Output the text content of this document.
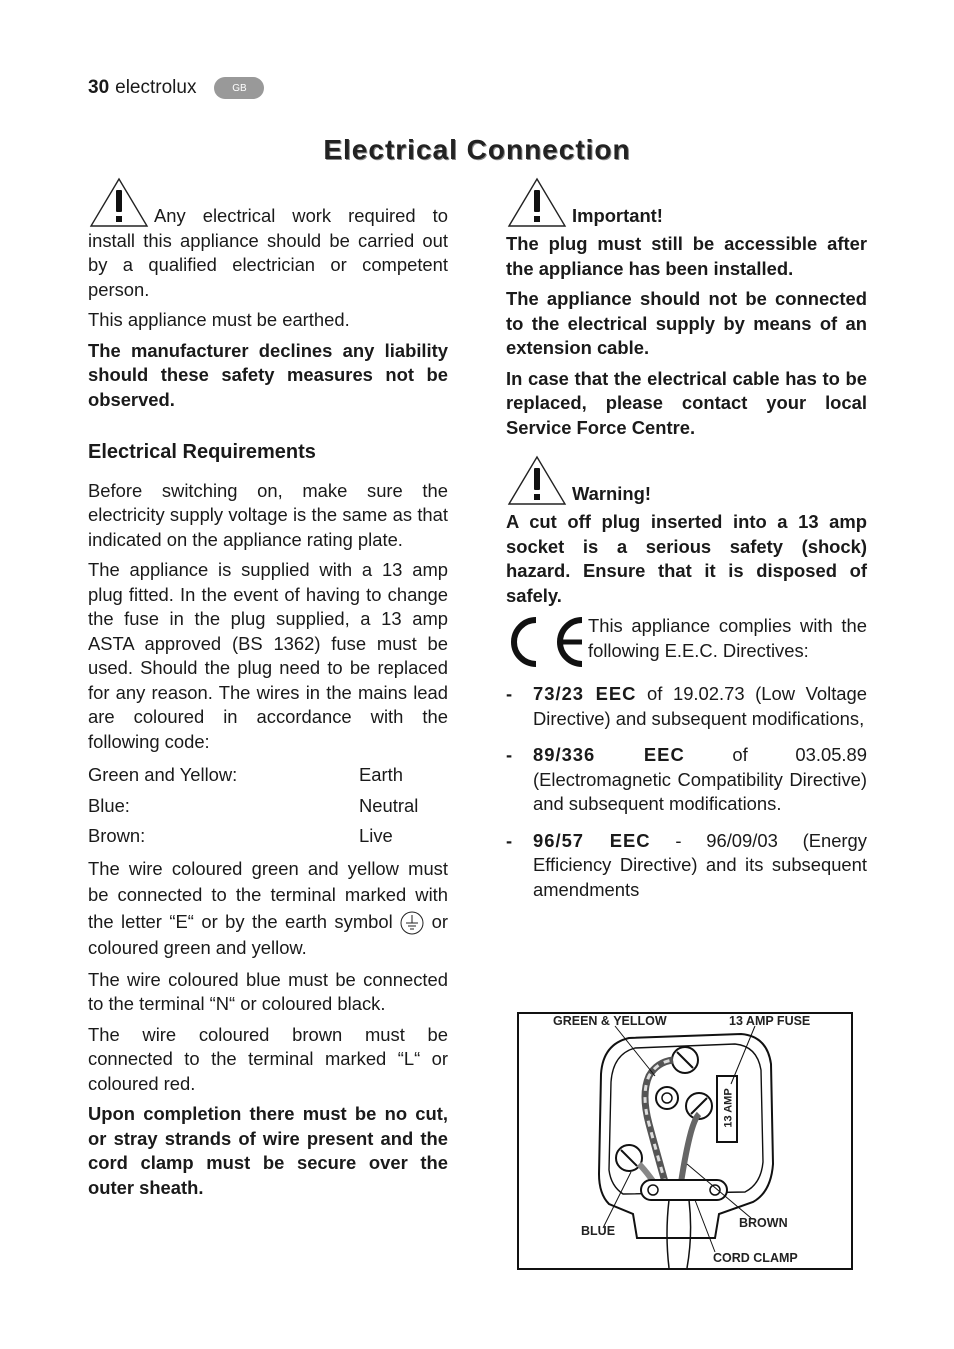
30 electrolux	GB
Electrical Connection

Any electrical work required to install this appliance should be carried out by a qualified electrician or competent person.

This appliance must be earthed.

The manufacturer declines any liability should these safety measures not be observed.

Electrical Requirements

Before switching on, make sure the electricity supply voltage is the same as that indicated on the appliance rating plate.

The appliance is supplied with a 13 amp plug fitted. In the event of having to change the fuse in the plug supplied, a 13 amp ASTA approved (BS 1362) fuse must be used. Should the plug need to be replaced for any reason. The wires in the mains lead are coloured in accordance with the following code:

Green and Yellow:	Earth
Blue:	Neutral
Brown:	Live

The wire coloured green and yellow must be connected to the terminal marked with the letter “E“ or by the earth symbol or coloured green and yellow.

The wire coloured blue must be connected to the terminal “N“ or coloured black.

The wire coloured brown must be connected to the terminal marked “L“ or coloured red.

Upon completion there must be no cut, or stray strands of wire present and the cord clamp must be secure over the outer sheath.

Important!

The plug must still be accessible after the appliance has been installed.

The appliance should not be connected to the electrical supply by means of an extension cable.

In case that the electrical cable has to be replaced, please contact your local Service Force Centre.

Warning!

A cut off plug inserted into a 13 amp socket is a serious safety (shock) hazard. Ensure that it is disposed of safely.

This appliance complies with the following E.E.C. Directives:

- 73/23 EEC of 19.02.73 (Low Voltage Directive) and subsequent modifications,
- 89/336 EEC	of 03.05.89 (Electromagnetic Compatibility Directive) and subsequent modifications.
- 96/57 EEC - 96/09/03 (Energy Efficiency Directive) and its subsequent amendments
GREEN & YELLOW	13 AMP FUSE
13 AMP
BLUE
BROWN
CORD CLAMP
